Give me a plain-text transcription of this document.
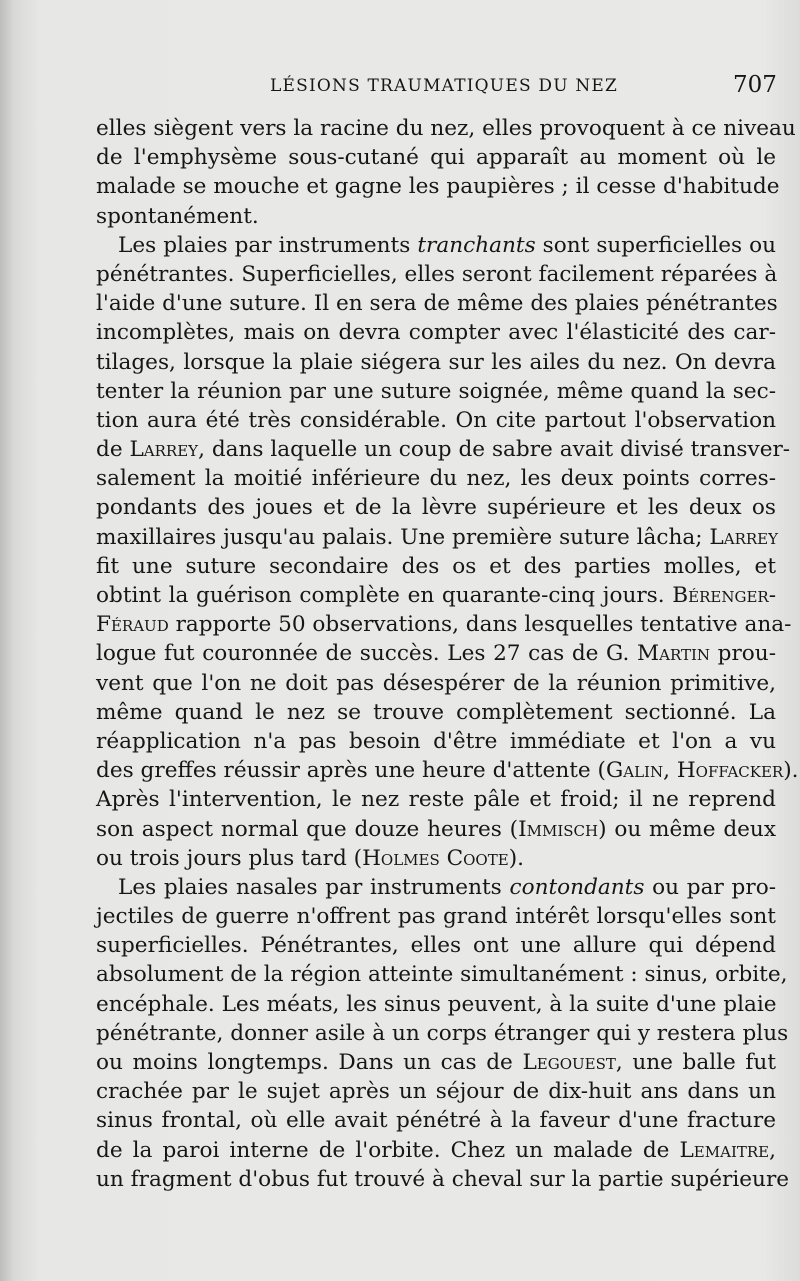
LÉSIONS TRAUMATIQUES DU NEZ	707
elles siègent vers la racine du nez, elles provoquent à ce niveau
de l'emphysème sous-cutané qui apparaît au moment où le
malade se mouche et gagne les paupières ; il cesse d'habitude
spontanément.
Les plaies par instruments tranchants sont superficielles ou
pénétrantes. Superficielles, elles seront facilement réparées à
l'aide d'une suture. Il en sera de même des plaies pénétrantes
incomplètes, mais on devra compter avec l'élasticité des car-
tilages, lorsque la plaie siégera sur les ailes du nez. On devra
tenter la réunion par une suture soignée, même quand la sec-
tion aura été très considérable. On cite partout l'observation
de Larrey, dans laquelle un coup de sabre avait divisé transver-
salement la moitié inférieure du nez, les deux points corres-
pondants des joues et de la lèvre supérieure et les deux os
maxillaires jusqu'au palais. Une première suture lâcha; Larrey
fit une suture secondaire des os et des parties molles, et
obtint la guérison complète en quarante-cinq jours. Bérenger-
Féraud rapporte 50 observations, dans lesquelles tentative ana-
logue fut couronnée de succès. Les 27 cas de G. Martin prou-
vent que l'on ne doit pas désespérer de la réunion primitive,
même quand le nez se trouve complètement sectionné. La
réapplication n'a pas besoin d'être immédiate et l'on a vu
des greffes réussir après une heure d'attente (Galin, Hoffacker).
Après l'intervention, le nez reste pâle et froid; il ne reprend
son aspect normal que douze heures (Immisch) ou même deux
ou trois jours plus tard (Holmes Coote).
Les plaies nasales par instruments contondants ou par pro-
jectiles de guerre n'offrent pas grand intérêt lorsqu'elles sont
superficielles. Pénétrantes, elles ont une allure qui dépend
absolument de la région atteinte simultanément : sinus, orbite,
encéphale. Les méats, les sinus peuvent, à la suite d'une plaie
pénétrante, donner asile à un corps étranger qui y restera plus
ou moins longtemps. Dans un cas de Legouest, une balle fut
crachée par le sujet après un séjour de dix-huit ans dans un
sinus frontal, où elle avait pénétré à la faveur d'une fracture
de la paroi interne de l'orbite. Chez un malade de Lemaitre,
un fragment d'obus fut trouvé à cheval sur la partie supérieure
